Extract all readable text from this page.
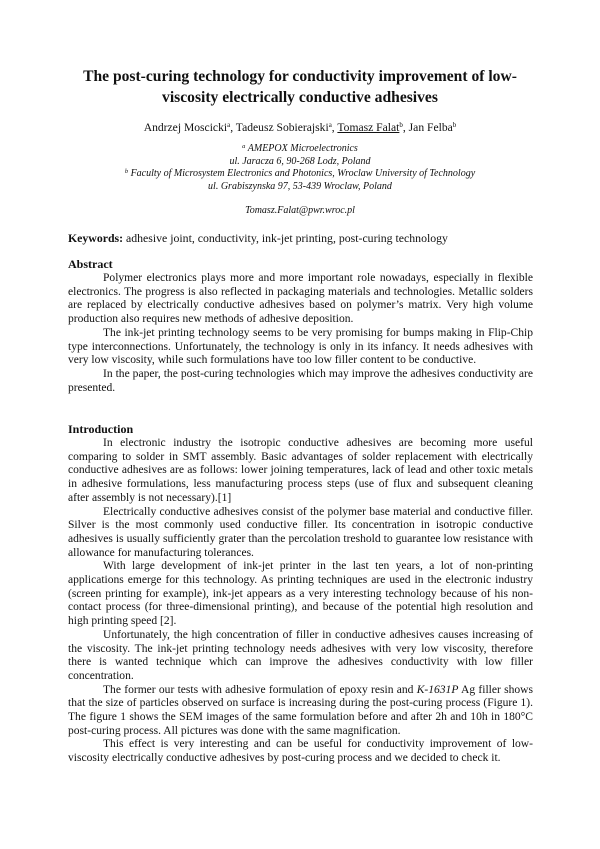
The post-curing technology for conductivity improvement of low-
viscosity electrically conductive adhesives
Andrzej Moscicki$^a$, Tadeusz Sobierajski$^a$, Tomasz Falat$^b$, Jan Felba$^b$
$^a$ AMEPOX Microelectronics
ul. Jaracza 6, 90-268 Lodz, Poland
$^b$ Faculty of Microsystem Electronics and Photonics, Wroclaw University of Technology
ul. Grabiszynska 97, 53-439 Wroclaw, Poland
Tomasz.Falat@pwr.wroc.pl
Keywords: adhesive joint, conductivity, ink-jet printing, post-curing technology
Abstract

Polymer electronics plays more and more important role nowadays, especially in flexible electronics. The progress is also reflected in packaging materials and technologies. Metallic solders are replaced by electrically conductive adhesives based on polymer’s matrix. Very high volume production also requires new methods of adhesive deposition.

The ink-jet printing technology seems to be very promising for bumps making in Flip-Chip type interconnections. Unfortunately, the technology is only in its infancy. It needs adhesives with very low viscosity, while such formulations have too low filler content to be conductive.

In the paper, the post-curing technologies which may improve the adhesives conductivity are presented.

Introduction

In electronic industry the isotropic conductive adhesives are becoming more useful comparing to solder in SMT assembly. Basic advantages of solder replacement with electrically conductive adhesives are as follows: lower joining temperatures, lack of lead and other toxic metals in adhesive formulations, less manufacturing process steps (use of flux and subsequent cleaning after assembly is not necessary).[1]

Electrically conductive adhesives consist of the polymer base material and conductive filler. Silver is the most commonly used conductive filler. Its concentration in isotropic conductive adhesives is usually sufficiently grater than the percolation treshold to guarantee low resistance with allowance for manufacturing tolerances.

With large development of ink-jet printer in the last ten years, a lot of non-printing applications emerge for this technology. As printing techniques are used in the electronic industry (screen printing for example), ink-jet appears as a very interesting technology because of his non-contact process (for three-dimensional printing), and because of the potential high resolution and high printing speed [2].

Unfortunately, the high concentration of filler in conductive adhesives causes increasing of the viscosity. The ink-jet printing technology needs adhesives with very low viscosity, therefore there is wanted technique which can improve the adhesives conductivity with low filler concentration.

The former our tests with adhesive formulation of epoxy resin and K-1631P Ag filler shows that the size of particles observed on surface is increasing during the post-curing process (Figure 1). The figure 1 shows the SEM images of the same formulation before and after 2h and 10h in 180°C post-curing process. All pictures was done with the same magnification.

This effect is very interesting and can be useful for conductivity improvement of low-viscosity electrically conductive adhesives by post-curing process and we decided to check it.
